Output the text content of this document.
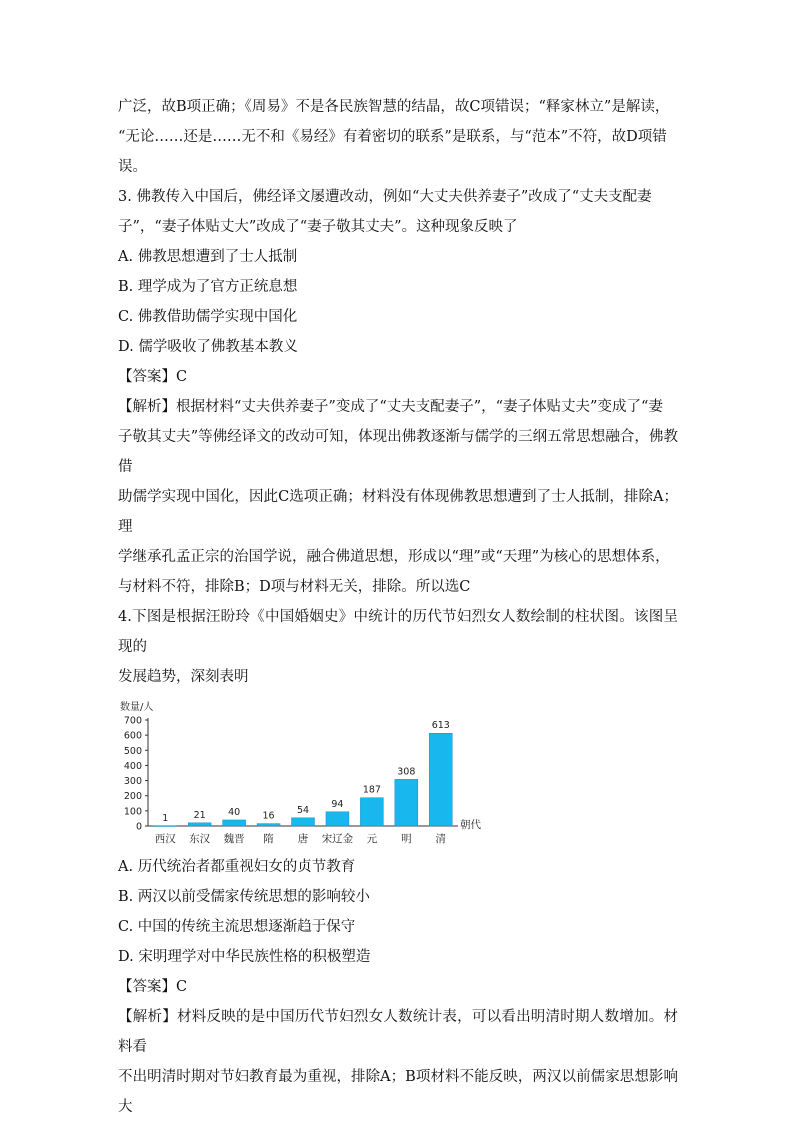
广泛，故B项正确；《周易》不是各民族智慧的结晶，故C项错误；“释家林立”是解读，

“无论……还是……无不和《易经》有着密切的联系”是联系，与“范本”不符，故D项错

误。

3. 佛教传入中国后，佛经译文屡遭改动，例如“大丈夫供养妻子”改成了“丈夫支配妻

子”，“妻子体贴丈大”改成了“妻子敬其丈夫”。这种现象反映了

A. 佛教思想遭到了士人抵制

B. 理学成为了官方正统息想

C. 佛教借助儒学实现中国化

D. 儒学吸收了佛教基本教义

【答案】C

【解析】根据材料“丈夫供养妻子”变成了“丈夫支配妻子”，“妻子体贴丈夫”变成了“妻

子敬其丈夫”等佛经译文的改动可知，体现出佛教逐渐与儒学的三纲五常思想融合，佛教借

助儒学实现中国化，因此C选项正确；材料没有体现佛教思想遭到了士人抵制，排除A；理

学继承孔孟正宗的治国学说，融合佛道思想，形成以“理”或“天理”为核心的思想体系，

与材料不符，排除B；D项与材料无关，排除。所以选C

4.下图是根据汪盼玲《中国婚姻史》中统计的历代节妇烈女人数绘制的柱状图。该图呈现的

发展趋势，深刻表明

数量/人
0
100
200
300
400
500
600
700
1
西汉
21
东汉
40
魏晋
16
隋
54
唐
94
宋辽金
187
元
308
明
613
清
朝代

A. 历代统治者都重视妇女的贞节教育

B. 两汉以前受儒家传统思想的影响较小

C. 中国的传统主流思想逐渐趋于保守

D. 宋明理学对中华民族性格的积极塑造

【答案】C

【解析】材料反映的是中国历代节妇烈女人数统计表，可以看出明清时期人数增加。材料看

不出明清时期对节妇教育最为重视，排除A；B项材料不能反映，两汉以前儒家思想影响大
